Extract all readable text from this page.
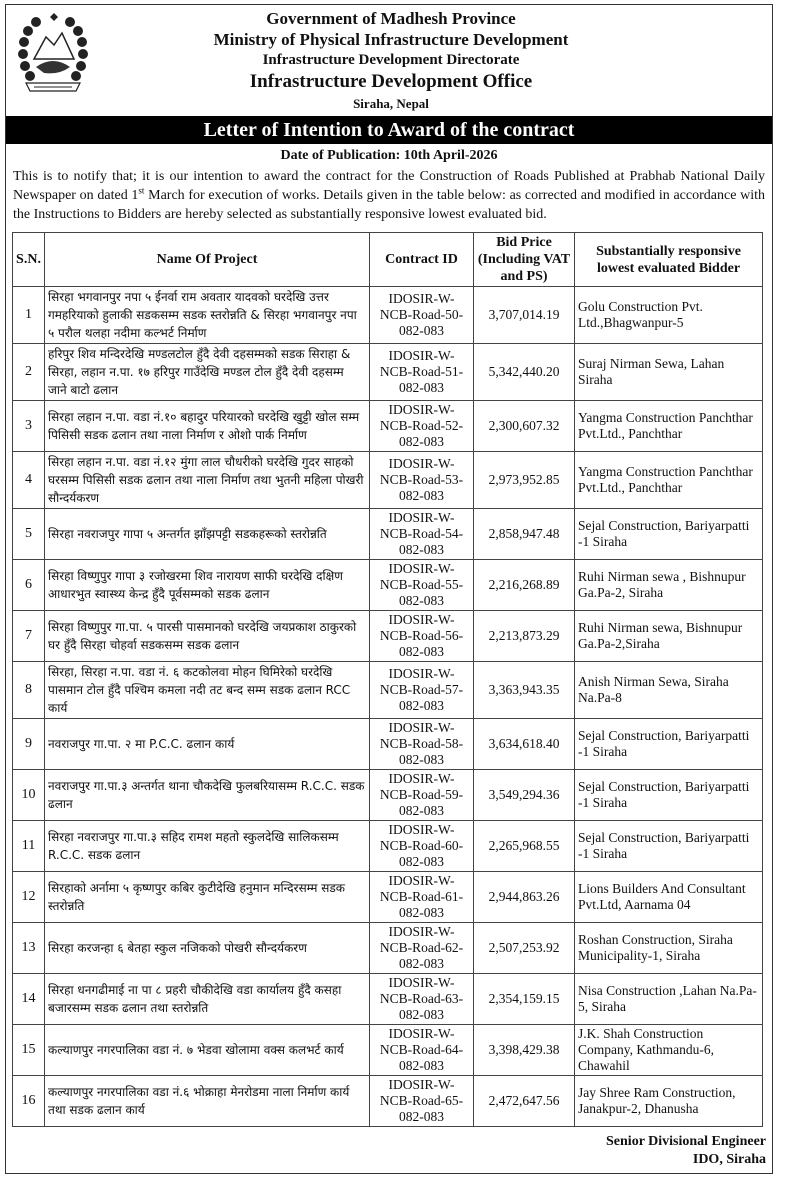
Government of Madhesh Province
Ministry of Physical Infrastructure Development
Infrastructure Development Directorate
Infrastructure Development Office
Siraha, Nepal
Letter of Intention to Award of the contract
Date of Publication: 10th April-2026
This is to notify that; it is our intention to award the contract for the Construction of Roads Published at Prabhab National Daily Newspaper on dated 1st March for execution of works. Details given in the table below: as corrected and modified in accordance with the Instructions to Bidders are hereby selected as substantially responsive lowest evaluated bid.
S.N.	Name Of Project	Contract ID	Bid Price (Including VAT and PS)	Substantially responsive lowest evaluated Bidder
1	सिरहा भगवानपुर नपा ५ ईनर्वा राम अवतार यादवको घरदेखि उत्तर गमहरियाको हुलाकी सडकसम्म सडक स्तरोन्नति & सिरहा भगवानपुर नपा ५ परौल थलहा नदीमा कल्भर्ट निर्माण	IDOSIR-W-NCB-Road-50-082-083	3,707,014.19	Golu Construction Pvt. Ltd.,Bhagwanpur-5
2	हरिपुर शिव मन्दिरदेखि मण्डलटोल हुँदै देवी दहसम्मको सडक सिराहा & सिरहा, लहान न.पा. १७ हरिपुर गाउँदेखि मण्डल टोल हुँदै देवी दहसम्म जाने बाटो ढलान	IDOSIR-W-NCB-Road-51-082-083	5,342,440.20	Suraj Nirman Sewa, Lahan Siraha
3	सिरहा लहान न.पा. वडा नं.१० बहादुर परियारको घरदेखि खुट्टी खोल सम्म पिसिसी सडक ढलान तथा नाला निर्माण र ओशो पार्क निर्माण	IDOSIR-W-NCB-Road-52-082-083	2,300,607.32	Yangma Construction Panchthar Pvt.Ltd., Panchthar
4	सिरहा लहान न.पा. वडा नं.१२ मुंगा लाल चौधरीको घरदेखि गुदर साहको घरसम्म पिसिसी सडक ढलान तथा नाला निर्माण तथा भुतनी महिला पोखरी सौन्दर्यकरण	IDOSIR-W-NCB-Road-53-082-083	2,973,952.85	Yangma Construction Panchthar Pvt.Ltd., Panchthar
5	सिरहा नवराजपुर गापा ५ अन्तर्गत झाँझपट्टी सडकहरूको स्तरोन्नति	IDOSIR-W-NCB-Road-54-082-083	2,858,947.48	Sejal Construction, Bariyarpatti -1 Siraha
6	सिरहा विष्णुपुर गापा ३ रजोखरमा शिव नारायण साफी घरदेखि दक्षिण आधारभुत स्वास्थ्य केन्द्र हुँदै पूर्वसम्मको सडक ढलान	IDOSIR-W-NCB-Road-55-082-083	2,216,268.89	Ruhi Nirman sewa , Bishnupur Ga.Pa-2, Siraha
7	सिरहा विष्णुपुर गा.पा. ५ पारसी पासमानको घरदेखि जयप्रकाश ठाकुरको घर हुँदै सिरहा चोहर्वा सडकसम्म सडक ढलान	IDOSIR-W-NCB-Road-56-082-083	2,213,873.29	Ruhi Nirman sewa, Bishnupur Ga.Pa-2,Siraha
8	सिरहा, सिरहा न.पा. वडा नं. ६ कटकोलवा मोहन घिमिरेको घरदेखि पासमान टोल हुँदै पश्चिम कमला नदी तट बन्द सम्म सडक ढलान RCC कार्य	IDOSIR-W-NCB-Road-57-082-083	3,363,943.35	Anish Nirman Sewa, Siraha Na.Pa-8
9	नवराजपुर गा.पा. २ मा P.C.C. ढलान कार्य	IDOSIR-W-NCB-Road-58-082-083	3,634,618.40	Sejal Construction, Bariyarpatti -1 Siraha
10	नवराजपुर गा.पा.३ अन्तर्गत थाना चौकदेखि फुलबरियासम्म R.C.C. सडक ढलान	IDOSIR-W-NCB-Road-59-082-083	3,549,294.36	Sejal Construction, Bariyarpatti -1 Siraha
11	सिरहा नवराजपुर गा.पा.३ सहिद रामश महतो स्कुलदेखि सालिकसम्म R.C.C. सडक ढलान	IDOSIR-W-NCB-Road-60-082-083	2,265,968.55	Sejal Construction, Bariyarpatti -1 Siraha
12	सिरहाको अर्नामा ५ कृष्णपुर कबिर कुटीदेखि हनुमान मन्दिरसम्म सडक स्तरोन्नति	IDOSIR-W-NCB-Road-61-082-083	2,944,863.26	Lions Builders And Consultant Pvt.Ltd, Aarnama 04
13	सिरहा करजन्हा ६ बेतहा स्कुल नजिकको पोखरी सौन्दर्यकरण	IDOSIR-W-NCB-Road-62-082-083	2,507,253.92	Roshan Construction, Siraha Municipality-1, Siraha
14	सिरहा धनगढीमाई ना पा ८ प्रहरी चौकीदेखि वडा कार्यालय हुँदै कसहा बजारसम्म सडक ढलान तथा स्तरोन्नति	IDOSIR-W-NCB-Road-63-082-083	2,354,159.15	Nisa Construction ,Lahan Na.Pa-5, Siraha
15	कल्याणपुर नगरपालिका वडा नं. ७ भेडवा खोलामा वक्स कलभर्ट कार्य	IDOSIR-W-NCB-Road-64-082-083	3,398,429.38	J.K. Shah Construction Company, Kathmandu-6, Chawahil
16	कल्याणपुर नगरपालिका वडा नं.६ भोक्राहा मेनरोडमा नाला निर्माण कार्य तथा सडक ढलान कार्य	IDOSIR-W-NCB-Road-65-082-083	2,472,647.56	Jay Shree Ram Construction, Janakpur-2, Dhanusha
Senior Divisional Engineer
IDO, Siraha
